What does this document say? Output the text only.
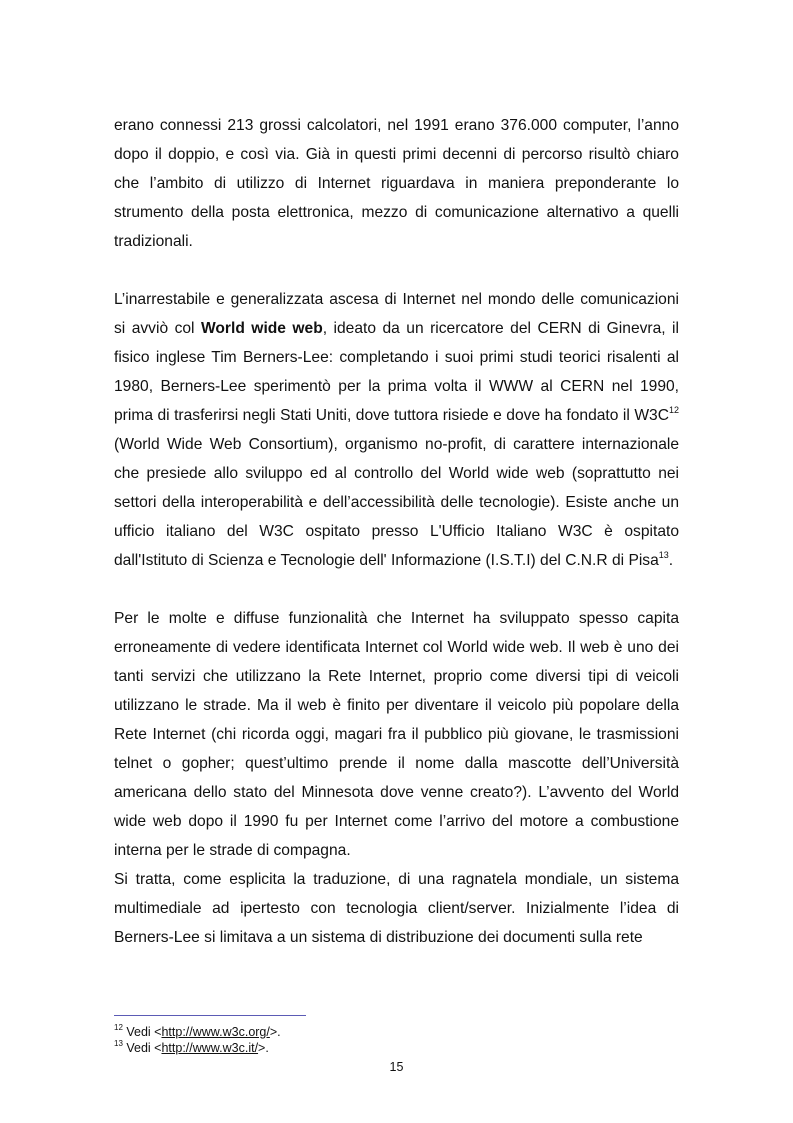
erano connessi 213 grossi calcolatori, nel 1991 erano 376.000 computer, l’anno dopo il doppio, e così via. Già in questi primi decenni di percorso risultò chiaro che l’ambito di utilizzo di Internet riguardava in maniera preponderante lo strumento della posta elettronica, mezzo di comunicazione alternativo a quelli tradizionali.

L’inarrestabile e generalizzata ascesa di Internet nel mondo delle comunicazioni si avviò col World wide web, ideato da un ricercatore del CERN di Ginevra, il fisico inglese Tim Berners-Lee: completando i suoi primi studi teorici risalenti al 1980, Berners-Lee sperimentò per la prima volta il WWW al CERN nel 1990, prima di trasferirsi negli Stati Uniti, dove tuttora risiede e dove ha fondato il $W3C^{12}$ (World Wide Web Consortium), organismo no-profit, di carattere internazionale che presiede allo sviluppo ed al controllo del World wide web (soprattutto nei settori della interoperabilità e dell’accessibilità delle tecnologie). Esiste anche un ufficio italiano del W3C ospitato presso L'Ufficio Italiano W3C è ospitato dall'Istituto di Scienza e Tecnologie dell' Informazione (I.S.T.I) del C.N.R di Pisa$^{13}$.

Per le molte e diffuse funzionalità che Internet ha sviluppato spesso capita erroneamente di vedere identificata Internet col World wide web. Il web è uno dei tanti servizi che utilizzano la Rete Internet, proprio come diversi tipi di veicoli utilizzano le strade. Ma il web è finito per diventare il veicolo più popolare della Rete Internet (chi ricorda oggi, magari fra il pubblico più giovane, le trasmissioni telnet o gopher; quest’ultimo prende il nome dalla mascotte dell’Università americana dello stato del Minnesota dove venne creato?). L’avvento del World wide web dopo il 1990 fu per Internet come l’arrivo del motore a combustione interna per le strade di compagna.

Si tratta, come esplicita la traduzione, di una ragnatela mondiale, un sistema multimediale ad ipertesto con tecnologia client/server. Inizialmente l’idea di Berners-Lee si limitava a un sistema di distribuzione dei documenti sulla rete

$^{12}$ Vedi <http://www.w3c.org/>.
$^{13}$ Vedi <http://www.w3c.it/>.
15
